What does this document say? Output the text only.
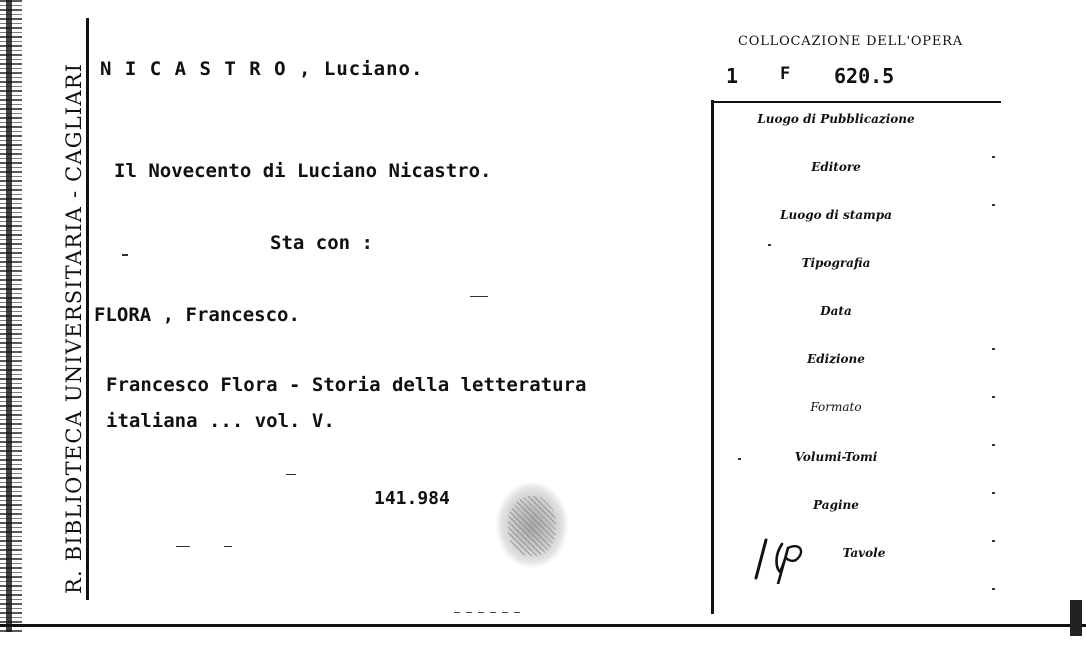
R. BIBLIOTECA UNIVERSITARIA - CAGLIARI N I C A S T R O , Luciano.
Il Novecento di Luciano Nicastro.
Sta con :
FLORA , Francesco.
Francesco Flora - Storia della letteratura
italiana ... vol. V.
141.984
COLLOCAZIONE DELL'OPERA
1 F 620.5
Luogo di Pubblicazione
Editore
Luogo di stampa
Tipografia
Data
Edizione
Formato
Volumi-Tomi
Pagine
Tavole
